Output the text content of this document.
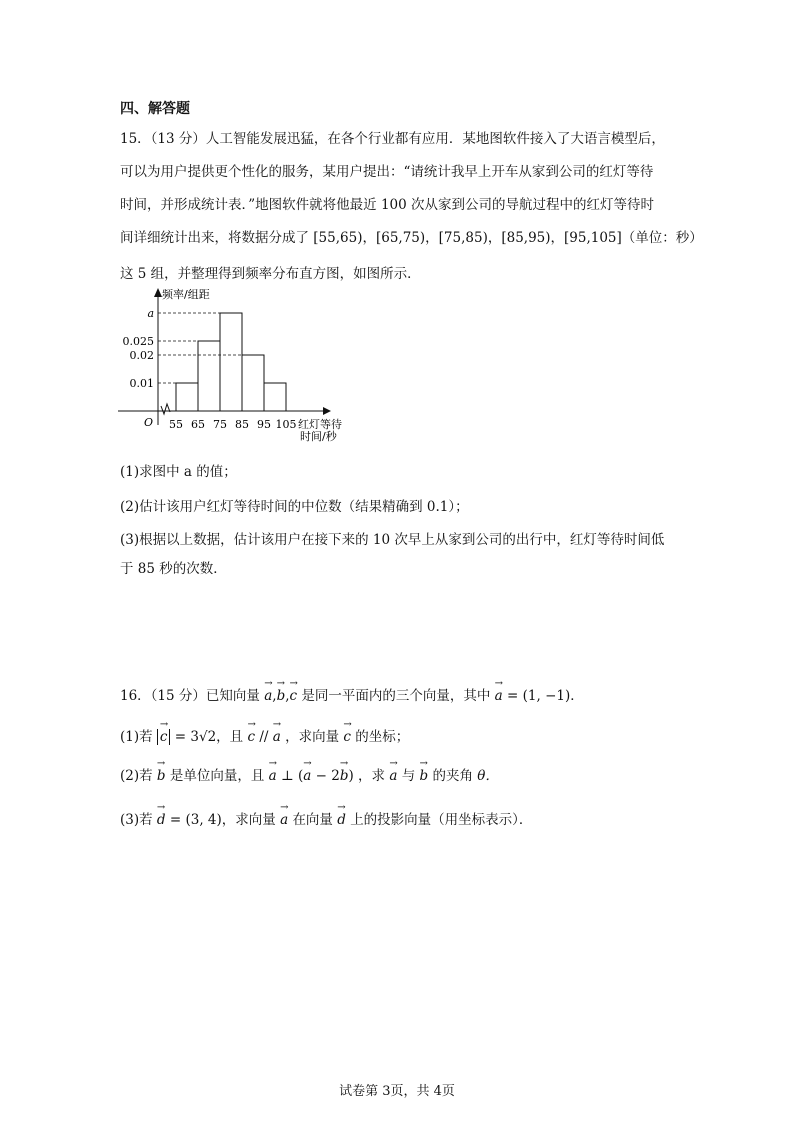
四、解答题
15．（13 分）人工智能发展迅猛，在各个行业都有应用．某地图软件接入了大语言模型后，
可以为用户提供更个性化的服务，某用户提出：“请统计我早上开车从家到公司的红灯等待
时间，并形成统计表．”地图软件就将他最近 100 次从家到公司的导航过程中的红灯等待时
间详细统计出来，将数据分成了 [55,65)，[65,75)，[75,85)，[85,95)，[95,105]（单位：秒）
这 5 组，并整理得到频率分布直方图，如图所示．
0.01
0.02
0.025
a
55 65 75 85 95 105
O
频率/组距
红灯等待
时间/秒
(1)求图中 a 的值；
(2)估计该用户红灯等待时间的中位数（结果精确到 0.1）；
(3)根据以上数据，估计该用户在接下来的 10 次早上从家到公司的出行中，红灯等待时间低
于 85 秒的次数．
16．（15 分）已知向量 → a,→ b,→ c 是同一平面内的三个向量，其中 → a = (1, −1)．
(1)若 → c = 3√2，且 → c // → a ，求向量 → c 的坐标；
(2)若 → b 是单位向量，且 → a ⊥ (→ a − 2→ b) ，求 → a 与 → b 的夹角 θ．
(3)若 → d = (3, 4)，求向量 → a 在向量 → d 上的投影向量（用坐标表示）．
试卷第 3页，共 4页
